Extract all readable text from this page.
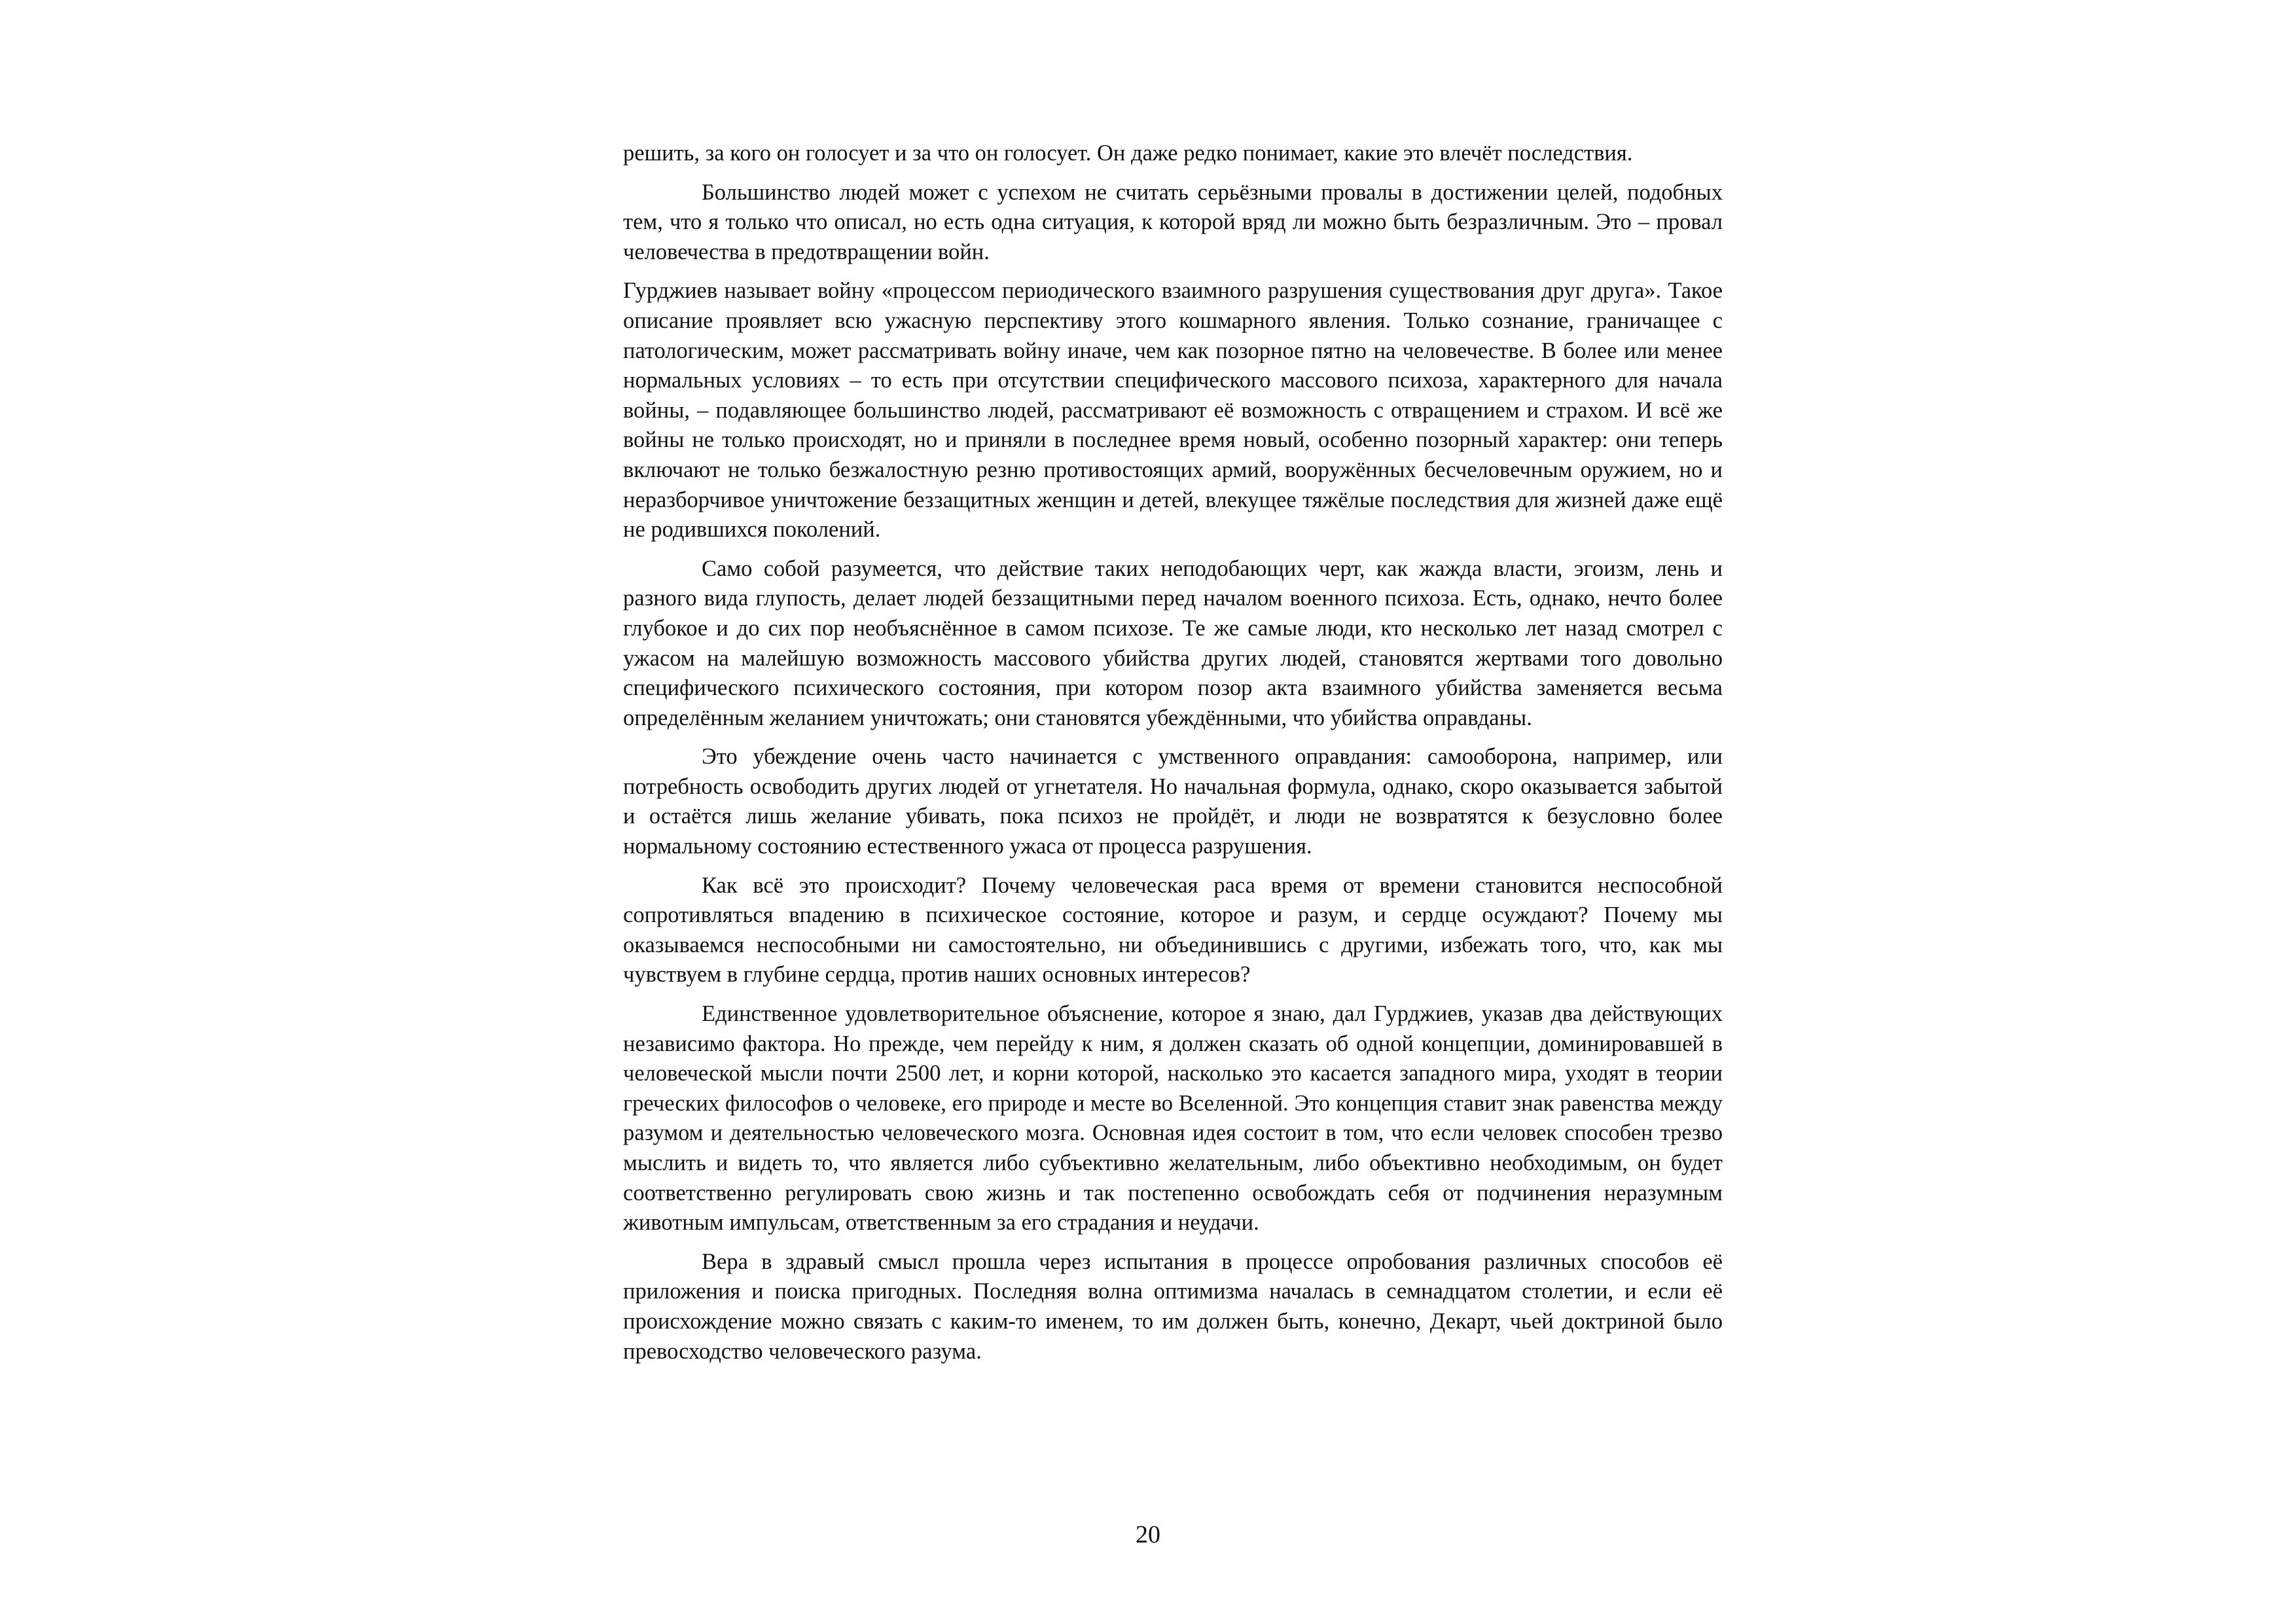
решить, за кого он голосует и за что он голосует. Он даже редко понимает, какие это влечёт последствия.

Большинство людей может с успехом не считать серьёзными провалы в достижении целей, подобных тем, что я только что описал, но есть одна ситуация, к которой вряд ли можно быть безразличным. Это – провал человечества в предотвращении войн.

Гурджиев называет войну «процессом периодического взаимного разрушения существования друг друга». Такое описание проявляет всю ужасную перспективу этого кошмарного явления. Только сознание, граничащее с патологическим, может рассматривать войну иначе, чем как позорное пятно на человечестве. В более или менее нормальных условиях – то есть при отсутствии специфического массового психоза, характерного для начала войны, – подавляющее большинство людей, рассматривают её возможность с отвращением и страхом. И всё же войны не только происходят, но и приняли в последнее время новый, особенно позорный характер: они теперь включают не только безжалостную резню противостоящих армий, вооружённых бесчеловечным оружием, но и неразборчивое уничтожение беззащитных женщин и детей, влекущее тяжёлые последствия для жизней даже ещё не родившихся поколений.

Само собой разумеется, что действие таких неподобающих черт, как жажда власти, эгоизм, лень и разного вида глупость, делает людей беззащитными перед началом военного психоза. Есть, однако, нечто более глубокое и до сих пор необъяснённое в самом психозе. Те же самые люди, кто несколько лет назад смотрел с ужасом на малейшую возможность массового убийства других людей, становятся жертвами того довольно специфического психического состояния, при котором позор акта взаимного убийства заменяется весьма определённым желанием уничтожать; они становятся убеждёнными, что убийства оправданы.

Это убеждение очень часто начинается с умственного оправдания: самооборона, например, или потребность освободить других людей от угнетателя. Но начальная формула, однако, скоро оказывается забытой и остаётся лишь желание убивать, пока психоз не пройдёт, и люди не возвратятся к безусловно более нормальному состоянию естественного ужаса от процесса разрушения.

Как всё это происходит? Почему человеческая раса время от времени становится неспособной сопротивляться впадению в психическое состояние, которое и разум, и сердце осуждают? Почему мы оказываемся неспособными ни самостоятельно, ни объединившись с другими, избежать того, что, как мы чувствуем в глубине сердца, против наших основных интересов?

Единственное удовлетворительное объяснение, которое я знаю, дал Гурджиев, указав два действующих независимо фактора. Но прежде, чем перейду к ним, я должен сказать об одной концепции, доминировавшей в человеческой мысли почти 2500 лет, и корни которой, насколько это касается западного мира, уходят в теории греческих философов о человеке, его природе и месте во Вселенной. Это концепция ставит знак равенства между разумом и деятельностью человеческого мозга. Основная идея состоит в том, что если человек способен трезво мыслить и видеть то, что является либо субъективно желательным, либо объективно необходимым, он будет соответственно регулировать свою жизнь и так постепенно освобождать себя от подчинения неразумным животным импульсам, ответственным за его страдания и неудачи.

Вера в здравый смысл прошла через испытания в процессе опробования различных способов её приложения и поиска пригодных. Последняя волна оптимизма началась в семнадцатом столетии, и если её происхождение можно связать с каким-то именем, то им должен быть, конечно, Декарт, чьей доктриной было превосходство человеческого разума.

20
